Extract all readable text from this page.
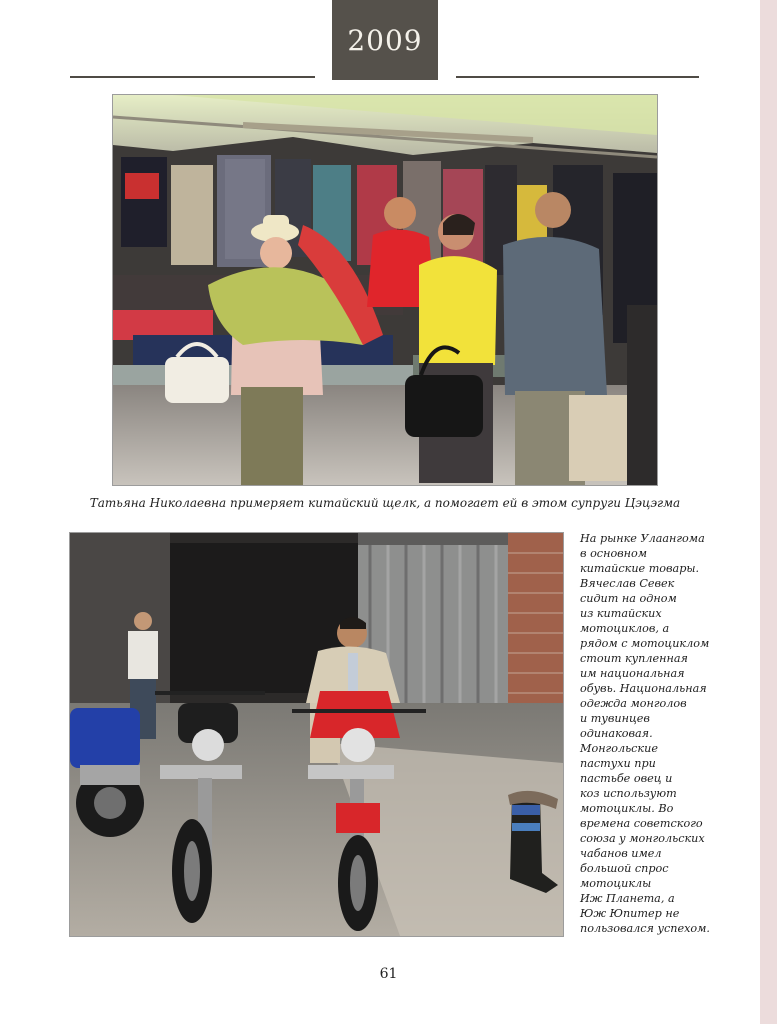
2009
Татьяна Николаевна примеряет китайский щелк, а помогает ей в этом супруги Цэцэгма
На рынке Улаангома
в основном
китайские товары.
Вячеслав Севек
сидит на одном
из китайских
мотоциклов, а
рядом с мотоциклом
стоит купленная
им национальная
обувь. Национальная
одежда монголов
и тувинцев
одинаковая.
Монгольские
пастухи при
пастьбе овец и
коз используют
мотоциклы. Во
времена советского
союза у монгольских
чабанов имел
большой спрос
мотоциклы
Иж Планета, а
Юж Юпитер не
пользовался успехом.
61
